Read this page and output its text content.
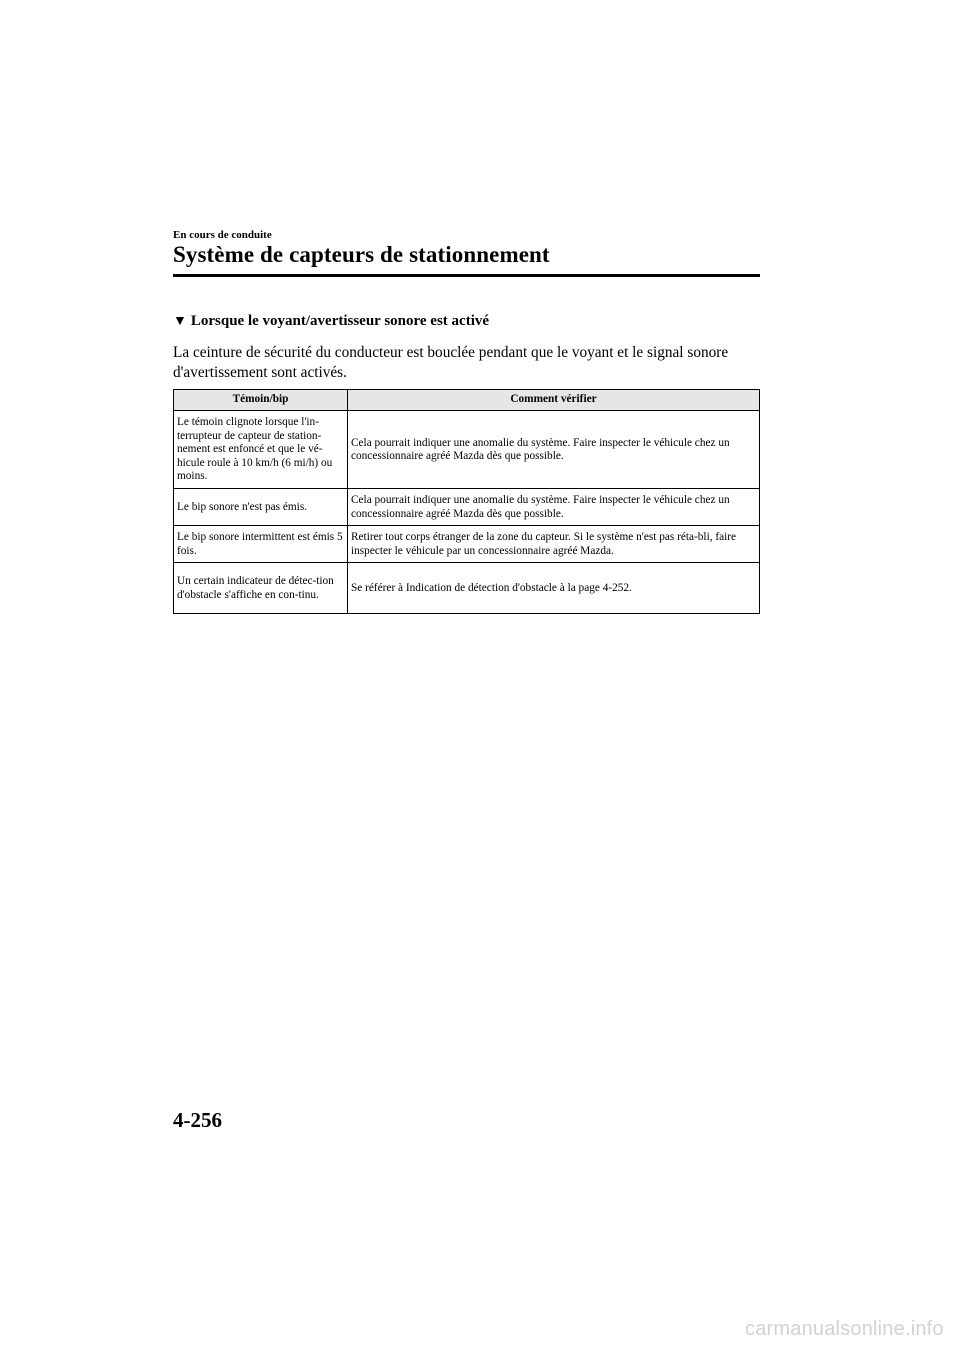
En cours de conduite
Système de capteurs de stationnement
▼ Lorsque le voyant/avertisseur sonore est activé
La ceinture de sécurité du conducteur est bouclée pendant que le voyant et le signal sonore d'avertissement sont activés.
Témoin/bip	Comment vérifier
Le témoin clignote lorsque l'in-terrupteur de capteur de station-nement est enfoncé et que le vé-hicule roule à 10 km/h (6 mi/h) ou moins.	Cela pourrait indiquer une anomalie du système. Faire inspecter le véhicule chez un concessionnaire agréé Mazda dès que possible.
Le bip sonore n'est pas émis.	Cela pourrait indiquer une anomalie du système. Faire inspecter le véhicule chez un concessionnaire agréé Mazda dès que possible.
Le bip sonore intermittent est émis 5 fois.	Retirer tout corps étranger de la zone du capteur. Si le système n'est pas réta-bli, faire inspecter le véhicule par un concessionnaire agréé Mazda.
Un certain indicateur de détec-tion d'obstacle s'affiche en con-tinu.	Se référer à Indication de détection d'obstacle à la page 4-252.
4-256
carmanualsonline.info
